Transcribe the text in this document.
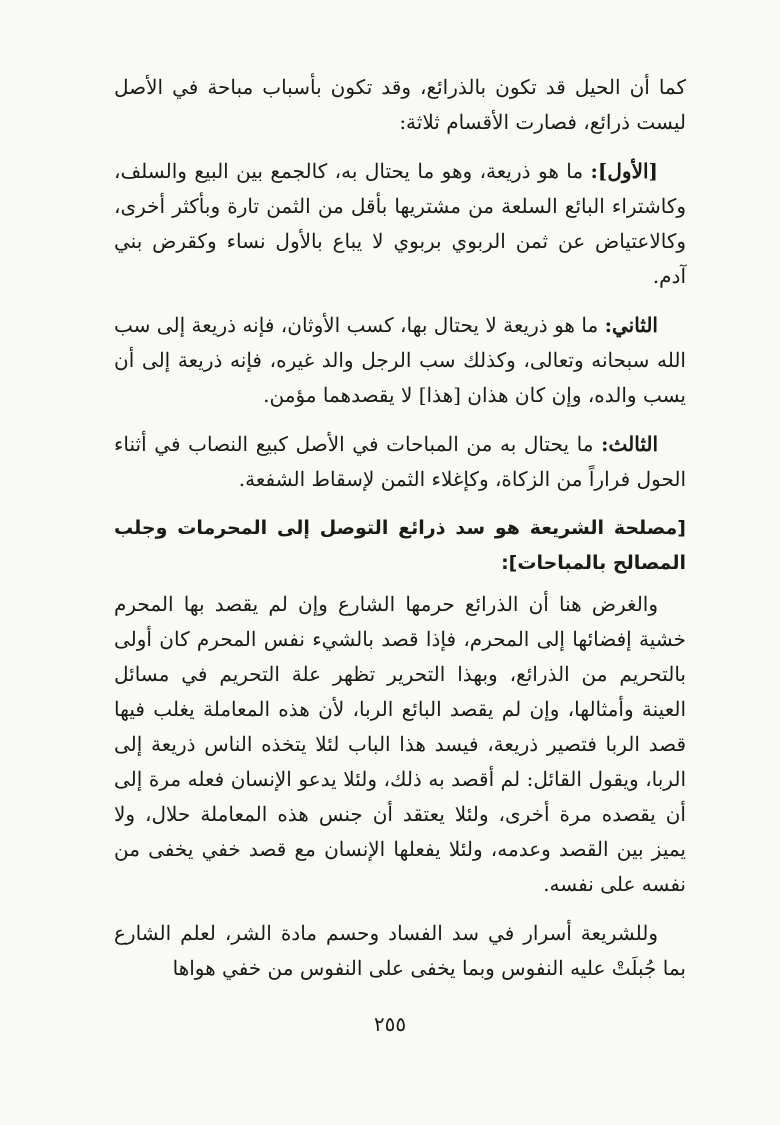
كما أن الحيل قد تكون بالذرائع، وقد تكون بأسباب مباحة في الأصل ليست ذرائع، فصارت الأقسام ثلاثة:

[الأول]: ما هو ذريعة، وهو ما يحتال به، كالجمع بين البيع والسلف، وكاشتراء البائع السلعة من مشتريها بأقل من الثمن تارة وبأكثر أخرى، وكالاعتياض عن ثمن الربوي بربوي لا يباع بالأول نساء وكقرض بني آدم.

الثاني: ما هو ذريعة لا يحتال بها، كسب الأوثان، فإنه ذريعة إلى سب الله سبحانه وتعالى، وكذلك سب الرجل والد غيره، فإنه ذريعة إلى أن يسب والده، وإن كان هذان [هذا] لا يقصدهما مؤمن.

الثالث: ما يحتال به من المباحات في الأصل كبيع النصاب في أثناء الحول فراراً من الزكاة، وكإغلاء الثمن لإسقاط الشفعة.

[مصلحة الشريعة هو سد ذرائع التوصل إلى المحرمات وجلب المصالح بالمباحات]:

والغرض هنا أن الذرائع حرمها الشارع وإن لم يقصد بها المحرم خشية إفضائها إلى المحرم، فإذا قصد بالشيء نفس المحرم كان أولى بالتحريم من الذرائع، وبهذا التحرير تظهر علة التحريم في مسائل العينة وأمثالها، وإن لم يقصد البائع الربا، لأن هذه المعاملة يغلب فيها قصد الربا فتصير ذريعة، فيسد هذا الباب لئلا يتخذه الناس ذريعة إلى الربا، ويقول القائل: لم أقصد به ذلك، ولئلا يدعو الإنسان فعله مرة إلى أن يقصده مرة أخرى، ولئلا يعتقد أن جنس هذه المعاملة حلال، ولا يميز بين القصد وعدمه، ولئلا يفعلها الإنسان مع قصد خفي يخفى من نفسه على نفسه.

وللشريعة أسرار في سد الفساد وحسم مادة الشر، لعلم الشارع بما جُبلَتْ عليه النفوس وبما يخفى على النفوس من خفي هواها

٢٥٥
